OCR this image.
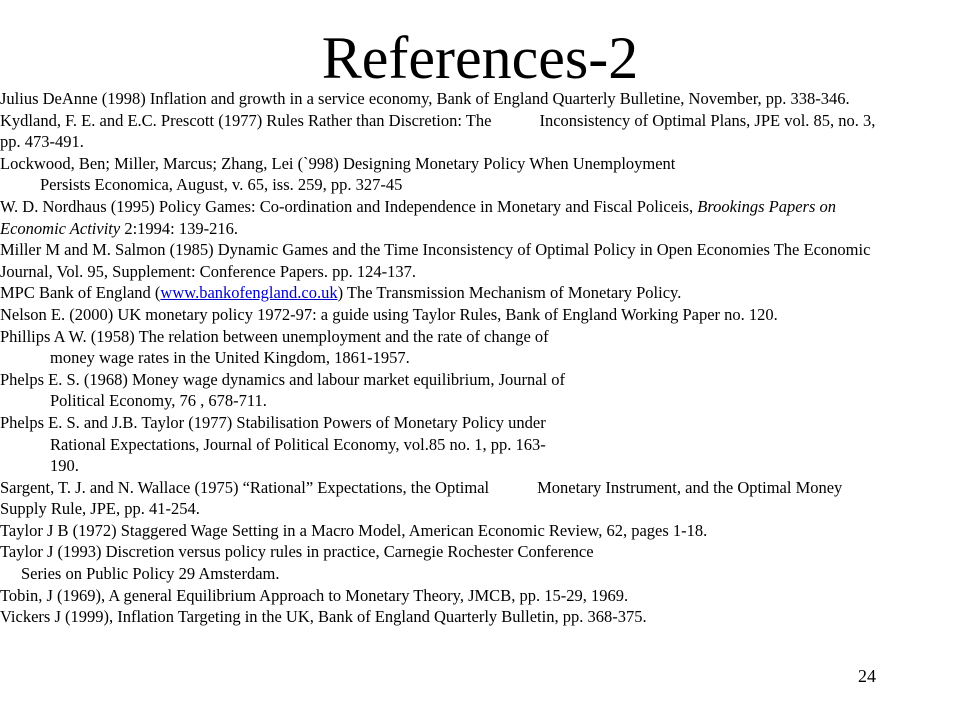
References-2
Julius DeAnne (1998) Inflation and growth in a service economy, Bank of England Quarterly Bulletine, November, pp. 338-346.
Kydland, F. E. and E.C. Prescott (1977) Rules Rather than Discretion: The	Inconsistency of Optimal Plans, JPE vol. 85, no. 3,
pp. 473-491.
Lockwood, Ben; Miller, Marcus; Zhang, Lei (`998) Designing Monetary Policy When Unemployment
Persists Economica, August, v. 65, iss. 259, pp. 327-45
W. D. Nordhaus (1995) Policy Games: Co-ordination and Independence in Monetary and Fiscal Policeis, Brookings Papers on
Economic Activity 2:1994: 139-216.
Miller M and M. Salmon (1985) Dynamic Games and the Time Inconsistency of Optimal Policy in Open Economies The Economic
Journal, Vol. 95, Supplement: Conference Papers. pp. 124-137.
MPC Bank of England (www.bankofengland.co.uk) The Transmission Mechanism of Monetary Policy.
Nelson E. (2000) UK monetary policy 1972-97: a guide using Taylor Rules, Bank of England Working Paper no. 120.
Phillips A W. (1958) The relation between unemployment and the rate of change of
money wage rates in the United Kingdom, 1861-1957.
Phelps E. S. (1968) Money wage dynamics and labour market equilibrium, Journal of
Political Economy, 76 , 678-711.
Phelps E. S. and J.B. Taylor (1977) Stabilisation Powers of Monetary Policy under
Rational Expectations, Journal of Political Economy, vol.85 no. 1, pp. 163-
190.
Sargent, T. J. and N. Wallace (1975) “Rational” Expectations, the Optimal	Monetary Instrument, and the Optimal Money
Supply Rule, JPE, pp. 41-254.
Taylor J B (1972) Staggered Wage Setting in a Macro Model, American Economic Review, 62, pages 1-18.
Taylor J (1993) Discretion versus policy rules in practice, Carnegie Rochester Conference
Series on Public Policy 29 Amsterdam.
Tobin, J (1969), A general Equilibrium Approach to Monetary Theory, JMCB, pp. 15-29, 1969.
Vickers J (1999), Inflation Targeting in the UK, Bank of England Quarterly Bulletin, pp. 368-375.
24
